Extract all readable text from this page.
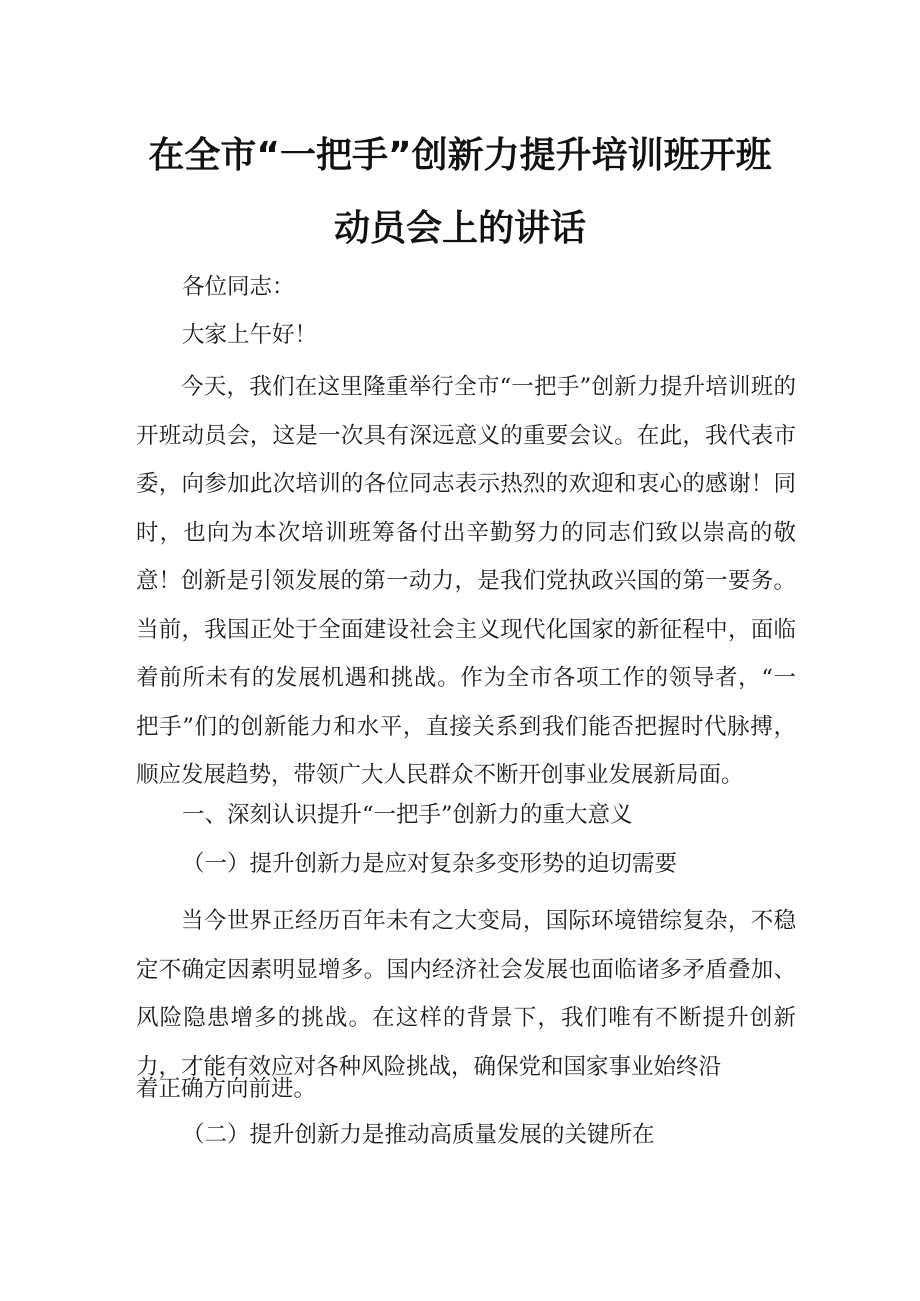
在全市“一把手”创新力提升培训班开班
动员会上的讲话
各位同志：
大家上午好！

今天，我们在这里隆重举行全市“一把手”创新力提升培训班的开班动员会，这是一次具有深远意义的重要会议。在此，我代表市委，向参加此次培训的各位同志表示热烈的欢迎和衷心的感谢！同时，也向为本次培训班筹备付出辛勤努力的同志们致以崇高的敬意！ 创新是引领发展的第一动力，是我们党执政兴国的第一要务。当前，我国正处于全面建设社会主义现代化国家的新征程中，面临着前所未有的发展机遇和挑战。作为全市各项工作的领导者，“一把手”们的创新能力和水平，直接关系到我们能否把握时代脉搏，顺应发展趋势，带领广大人民群众不断开创事业发展新局面。

一、深刻认识提升“一把手”创新力的重大意义
（一）提升创新力是应对复杂多变形势的迫切需要

当今世界正经历百年未有之大变局，国际环境错综复杂，不稳定不确定因素明显增多。国内经济社会发展也面临诸多矛盾叠加、风险隐患增多的挑战。在这样的背景下，我们唯有不断提升创新力，才能有效应对各种风险挑战，确保党和国家事业始终沿

着正确方向前进。
（二）提升创新力是推动高质量发展的关键所在
